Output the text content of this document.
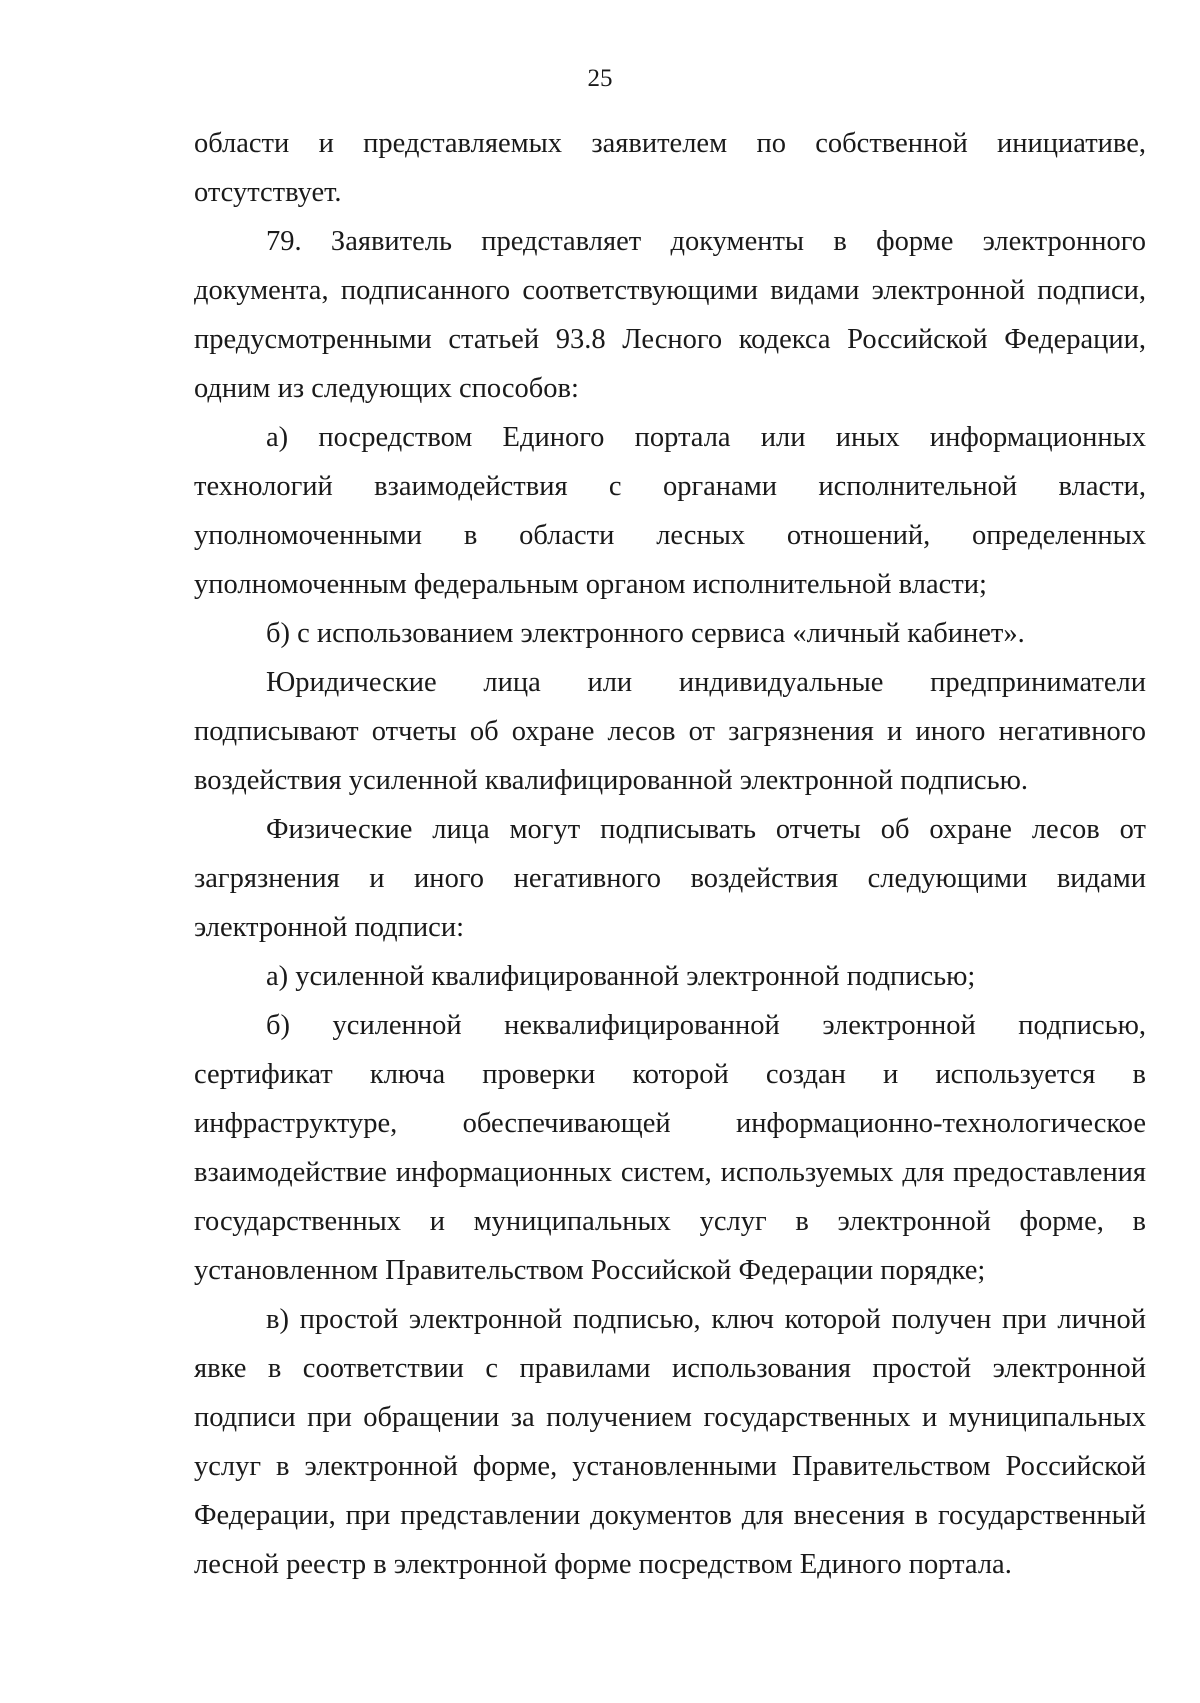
25

области и представляемых заявителем по собственной инициативе, отсутствует.

79. Заявитель представляет документы в форме электронного документа, подписанного соответствующими видами электронной подписи, предусмотренными статьей 93.8 Лесного кодекса Российской Федерации, одним из следующих способов:

а) посредством Единого портала или иных информационных технологий взаимодействия с органами исполнительной власти, уполномоченными в области лесных отношений, определенных уполномоченным федеральным органом исполнительной власти;

б) с использованием электронного сервиса «личный кабинет».

Юридические лица или индивидуальные предприниматели подписывают отчеты об охране лесов от загрязнения и иного негативного воздействия усиленной квалифицированной электронной подписью.

Физические лица могут подписывать отчеты об охране лесов от загрязнения и иного негативного воздействия следующими видами электронной подписи:

а) усиленной квалифицированной электронной подписью;

б) усиленной неквалифицированной электронной подписью, сертификат ключа проверки которой создан и используется в инфраструктуре, обеспечивающей информационно-технологическое взаимодействие информационных систем, используемых для предоставления государственных и муниципальных услуг в электронной форме, в установленном Правительством Российской Федерации порядке;

в) простой электронной подписью, ключ которой получен при личной явке в соответствии с правилами использования простой электронной подписи при обращении за получением государственных и муниципальных услуг в электронной форме, установленными Правительством Российской Федерации, при представлении документов для внесения в государственный лесной реестр в электронной форме посредством Единого портала.
